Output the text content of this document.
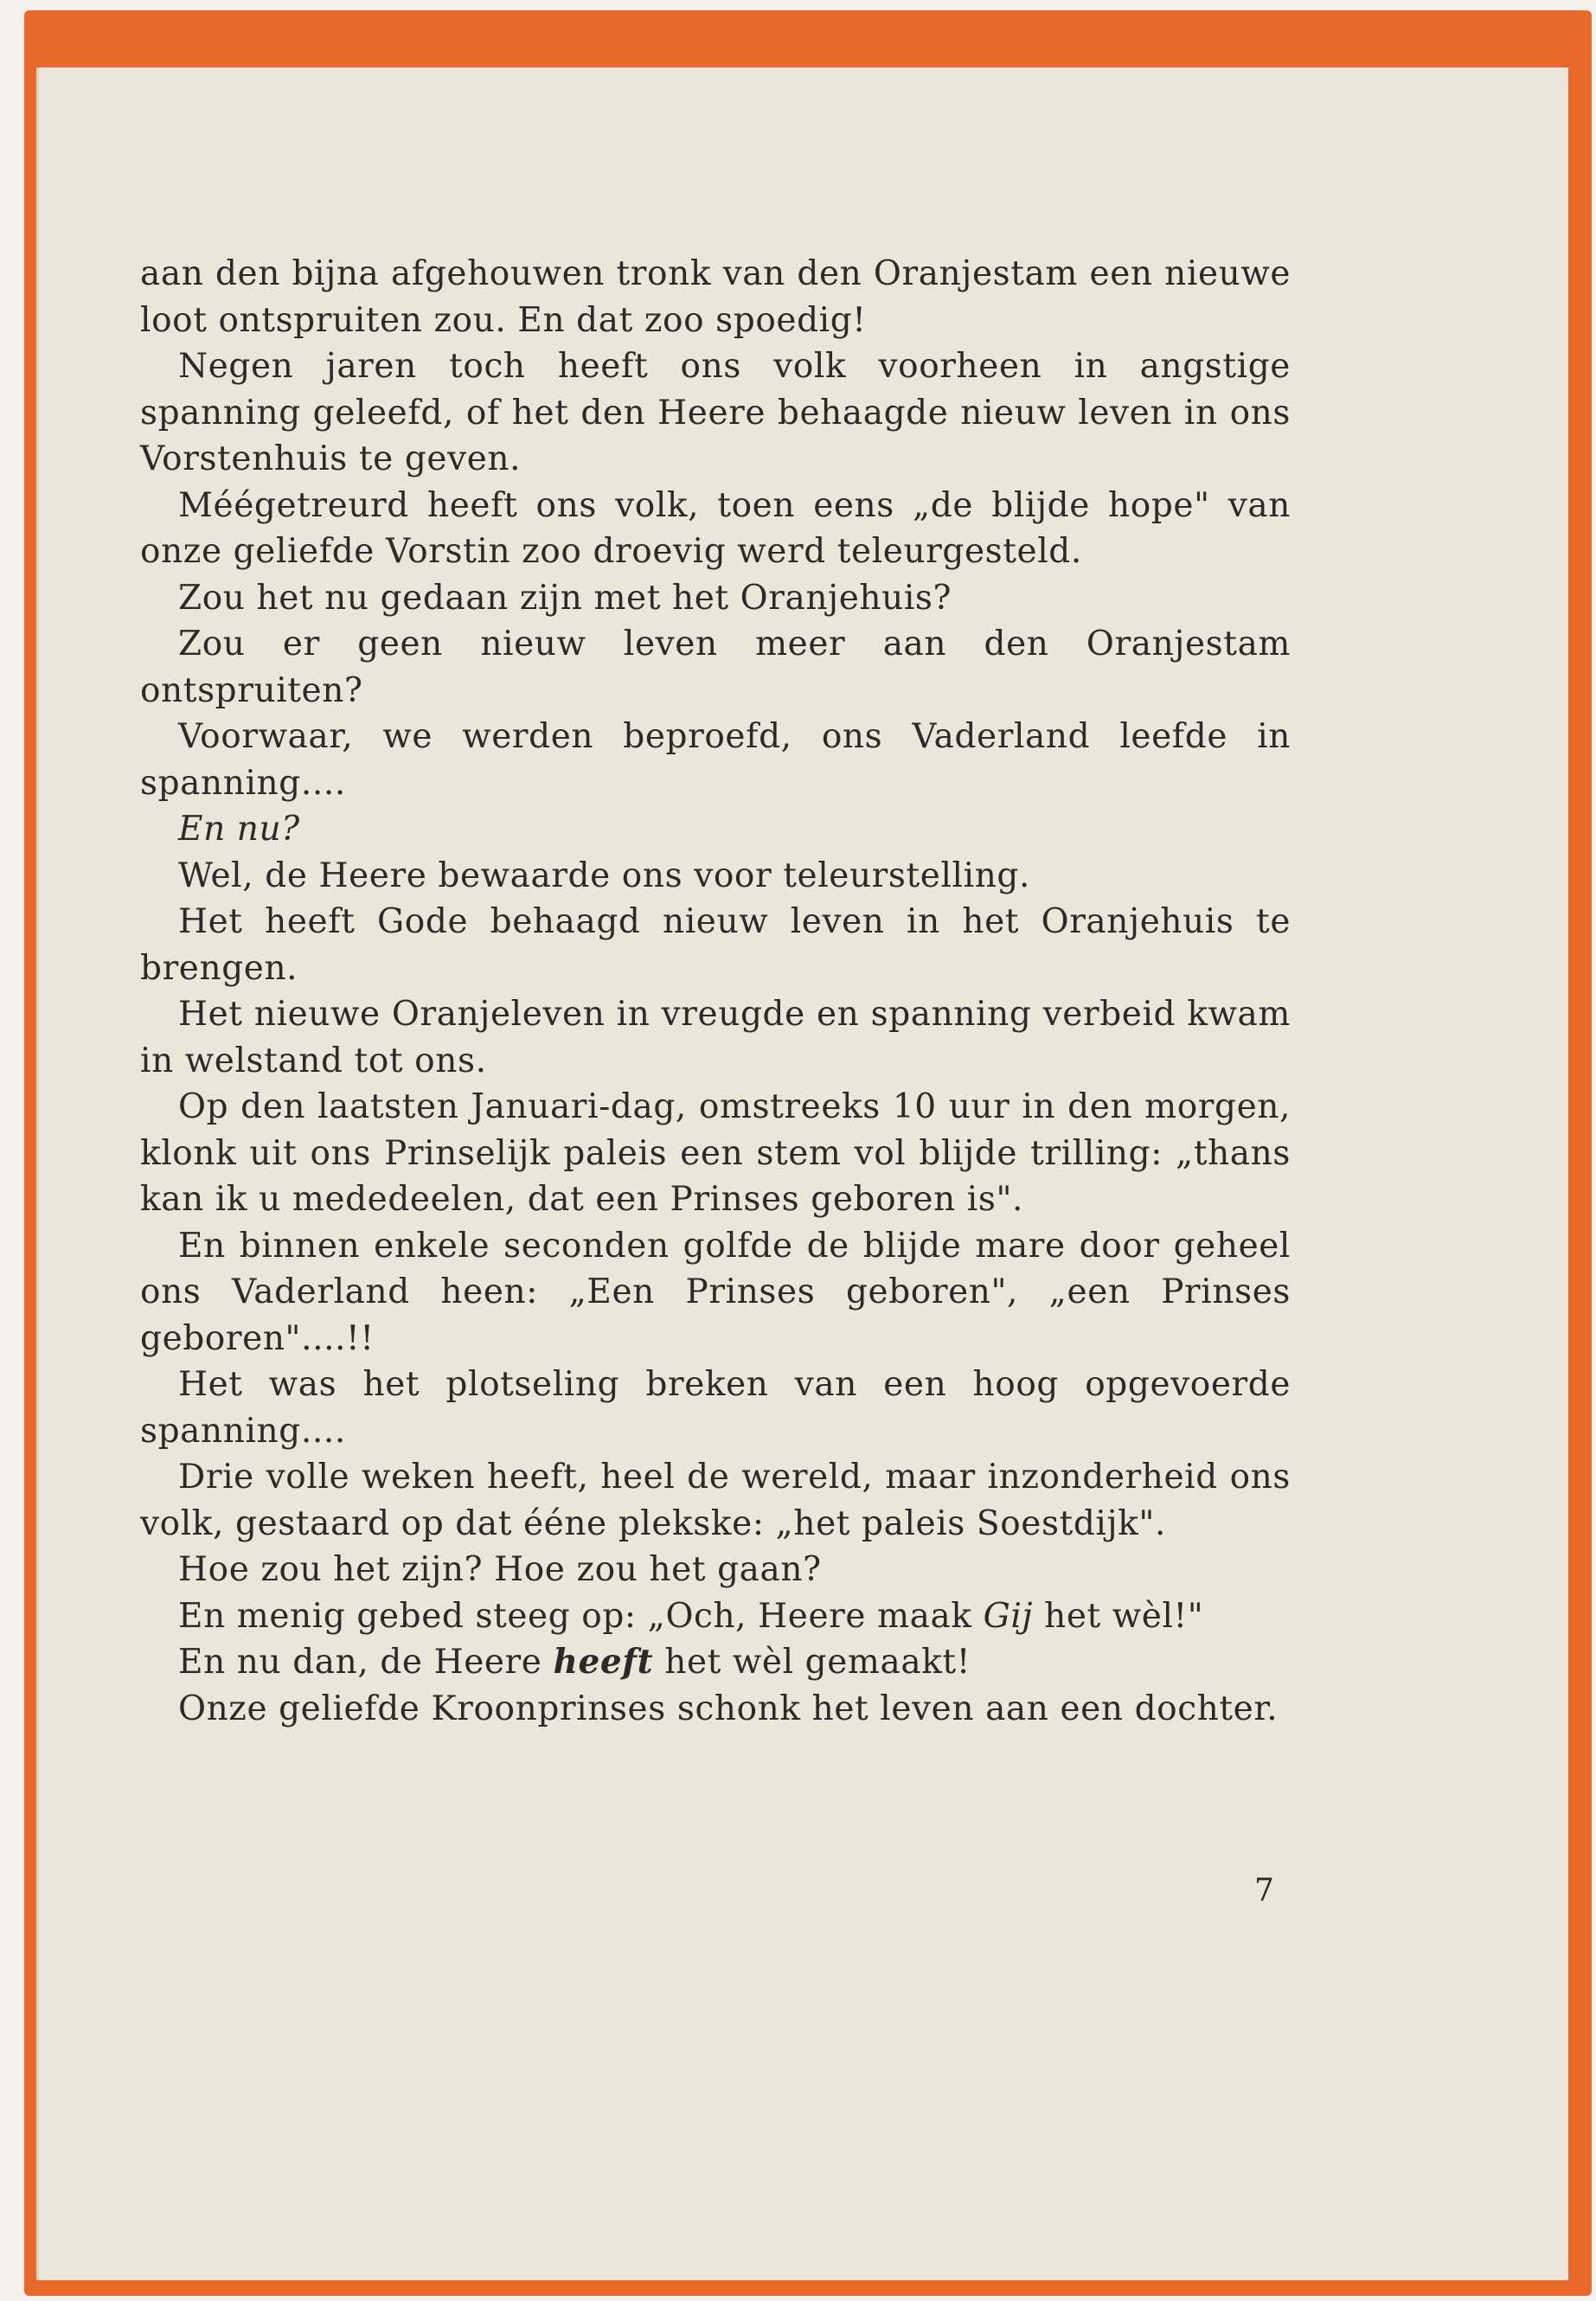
aan den bijna afgehouwen tronk van den Oranjestam een nieuwe loot ontspruiten zou. En dat zoo spoedig!

Negen jaren toch heeft ons volk voorheen in angstige spanning geleefd, of het den Heere behaagde nieuw leven in ons Vorstenhuis te geven.

Méégetreurd heeft ons volk, toen eens „de blijde hope" van onze geliefde Vorstin zoo droevig werd teleurgesteld.

Zou het nu gedaan zijn met het Oranjehuis?

Zou er geen nieuw leven meer aan den Oranjestam ontspruiten?

Voorwaar, we werden beproefd, ons Vaderland leefde in spanning....

En nu?

Wel, de Heere bewaarde ons voor teleurstelling.

Het heeft Gode behaagd nieuw leven in het Oranjehuis te brengen.

Het nieuwe Oranjeleven in vreugde en spanning verbeid kwam in welstand tot ons.

Op den laatsten Januari-dag, omstreeks 10 uur in den morgen, klonk uit ons Prinselijk paleis een stem vol blijde trilling: „thans kan ik u mededeelen, dat een Prinses geboren is".

En binnen enkele seconden golfde de blijde mare door geheel ons Vaderland heen: „Een Prinses geboren", „een Prinses geboren"....!!

Het was het plotseling breken van een hoog opgevoerde spanning....

Drie volle weken heeft, heel de wereld, maar inzonderheid ons volk, gestaard op dat ééne plekske: „het paleis Soestdijk".

Hoe zou het zijn? Hoe zou het gaan?

En menig gebed steeg op: „Och, Heere maak Gij het wèl!"

En nu dan, de Heere heeft het wèl gemaakt!

Onze geliefde Kroonprinses schonk het leven aan een dochter.

7
